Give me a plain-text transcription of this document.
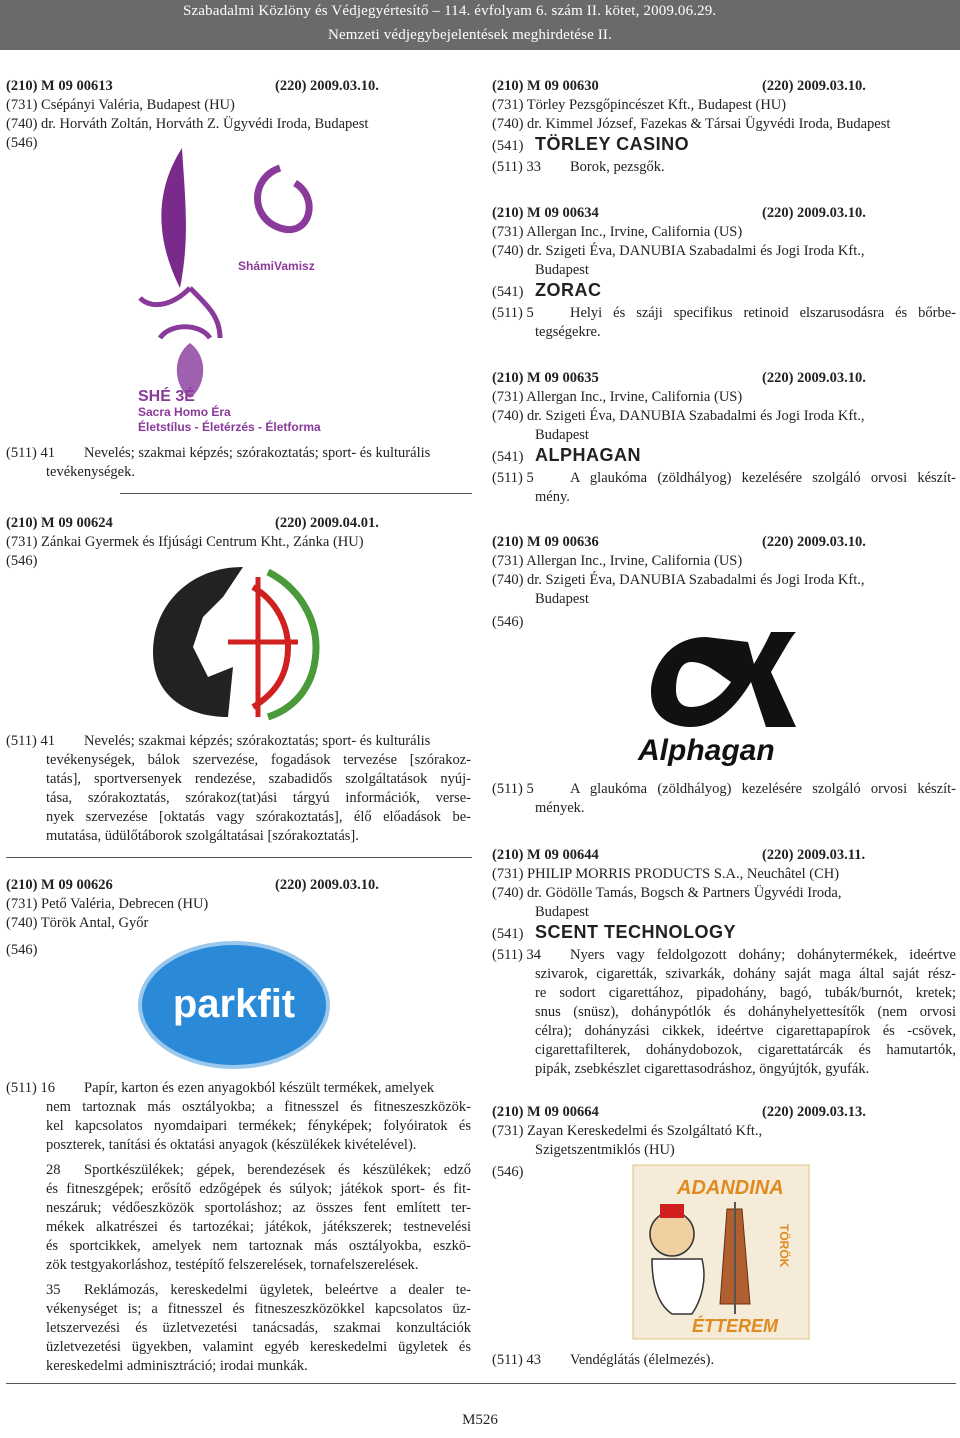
Szabadalmi Közlöny és Védjegyértesítő – 114. évfolyam 6. szám II. kötet, 2009.06.29.
Nemzeti védjegybejelentések meghirdetése II.
(210) M 09 00613	(220) 2009.03.10.
(731) Csépányi Valéria, Budapest (HU)
(740) dr. Horváth Zoltán, Horváth Z. Ügyvédi Iroda, Budapest
(546)
ShámiVamisz
SHÉ 3É
Sacra Homo Éra
Életstílus - Életérzés - Életforma
(511) 41 Nevelés; szakmai képzés; szórakoztatás; sport- és kulturális
tevékenységek.
(210) M 09 00624	(220) 2009.04.01.
(731) Zánkai Gyermek és Ifjúsági Centrum Kht., Zánka (HU)
(546)
(511) 41 Nevelés; szakmai képzés; szórakoztatás; sport- és kulturális
tevékenységek, bálok szervezése, fogadások tervezése [szórakoz-
tatás], sportversenyek rendezése, szabadidős szolgáltatások nyúj-
tása, szórakoztatás, szórakoz(tat)ási tárgyú információk, verse-
nyek szervezése [oktatás vagy szórakoztatás], élő előadások be-
mutatása, üdülőtáborok szolgáltatásai [szórakoztatás].
(210) M 09 00626	(220) 2009.03.10.
(731) Pető Valéria, Debrecen (HU)
(740) Török Antal, Győr
(546)
parkfit
(511) 16 Papír, karton és ezen anyagokból készült termékek, amelyek
nem tartoznak más osztályokba; a fitnesszel és fitneszeszközök-
kel kapcsolatos nyomdaipari termékek; fényképek; folyóiratok és
poszterek, tanítási és oktatási anyagok (készülékek kivételével).
28 Sportkészülékek; gépek, berendezések és készülékek; edző
és fitneszgépek; erősítő edzőgépek és súlyok; játékok sport- és fit-
neszáruk; védőeszközök sportoláshoz; az összes fent említett ter-
mékek alkatrészei és tartozékai; játékok, játékszerek; testnevelési
és sportcikkek, amelyek nem tartoznak más osztályokba, eszkö-
zök testgyakorláshoz, testépítő felszerelések, tornafelszerelések.
35 Reklámozás, kereskedelmi ügyletek, beleértve a dealer te-
vékenységet is; a fitnesszel és fitneszeszközökkel kapcsolatos üz-
letszervezési és üzletvezetési tanácsadás, szakmai konzultációk
üzletvezetési ügyekben, valamint egyéb kereskedelmi ügyletek és
kereskedelmi adminisztráció; irodai munkák.
(210) M 09 00630	(220) 2009.03.10.
(731) Törley Pezsgőpincészet Kft., Budapest (HU)
(740) dr. Kimmel József, Fazekas & Társai Ügyvédi Iroda, Budapest
(541) TÖRLEY CASINO
(511) 33 Borok, pezsgők.
(210) M 09 00634	(220) 2009.03.10.
(731) Allergan Inc., Irvine, California (US)
(740) dr. Szigeti Éva, DANUBIA Szabadalmi és Jogi Iroda Kft.,
Budapest
(541) ZORAC
(511) 5	Helyi és száji specifikus retinoid elszarusodásra és bőrbe-
tegségekre.
(210) M 09 00635	(220) 2009.03.10.
(731) Allergan Inc., Irvine, California (US)
(740) dr. Szigeti Éva, DANUBIA Szabadalmi és Jogi Iroda Kft.,
Budapest
(541) ALPHAGAN
(511) 5	A glaukóma (zöldhályog) kezelésére szolgáló orvosi készít-
mény.
(210) M 09 00636	(220) 2009.03.10.
(731) Allergan Inc., Irvine, California (US)
(740) dr. Szigeti Éva, DANUBIA Szabadalmi és Jogi Iroda Kft.,
Budapest
(546)
2
Alphagan
(511) 5	A glaukóma (zöldhályog) kezelésére szolgáló orvosi készít-
mények.
(210) M 09 00644	(220) 2009.03.11.
(731) PHILIP MORRIS PRODUCTS S.A., Neuchâtel (CH)
(740) dr. Gödölle Tamás, Bogsch & Partners Ügyvédi Iroda,
Budapest
(541) SCENT TECHNOLOGY
(511) 34 Nyers vagy feldolgozott dohány; dohánytermékek, ideértve
szivarok, cigaretták, szivarkák, dohány saját maga által saját rész-
re sodort cigarettához, pipadohány, bagó, tubák/burnót, kretek;
snus (snüsz), dohánypótlók és dohányhelyettesítők (nem orvosi
célra); dohányzási cikkek, ideértve cigarettapapírok és -csövek,
cigarettafilterek, dohánydobozok, cigarettatárcák és hamutartók,
pipák, zsebkészlet cigarettasodráshoz, öngyújtók, gyufák.
(210) M 09 00664	(220) 2009.03.13.
(731) Zayan Kereskedelmi és Szolgáltató Kft.,
Szigetszentmiklós (HU)
(546)
ADANDINA
TÖRÖK
ÉTTEREM
(511) 43 Vendéglátás (élelmezés).
M526
